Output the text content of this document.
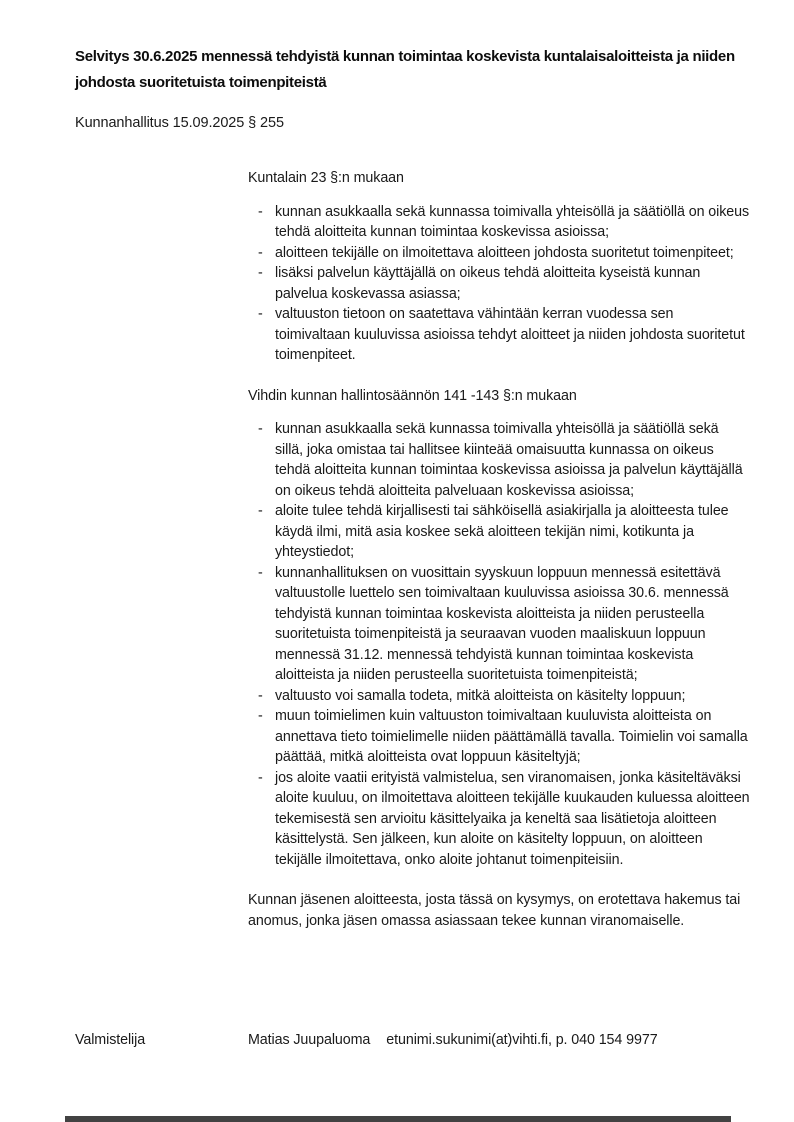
Selvitys 30.6.2025 mennessä tehdyistä kunnan toimintaa koskevista kuntalaisaloitteista ja niiden johdosta suoritetuista toimenpiteistä
Kunnanhallitus 15.09.2025 § 255
Kuntalain 23 §:n mukaan
- kunnan asukkaalla sekä kunnassa toimivalla yhteisöllä ja säätiöllä on oikeus tehdä aloitteita kunnan toimintaa koskevissa asioissa;
- aloitteen tekijälle on ilmoitettava aloitteen johdosta suoritetut toimenpiteet;
- lisäksi palvelun käyttäjällä on oikeus tehdä aloitteita kyseistä kunnan palvelua koskevassa asiassa;
- valtuuston tietoon on saatettava vähintään kerran vuodessa sen toimivaltaan kuuluvissa asioissa tehdyt aloitteet ja niiden johdosta suoritetut toimenpiteet.
Vihdin kunnan hallintosäännön 141 -143 §:n mukaan
- kunnan asukkaalla sekä kunnassa toimivalla yhteisöllä ja säätiöllä sekä sillä, joka omistaa tai hallitsee kiinteää omaisuutta kunnassa on oikeus tehdä aloitteita kunnan toimintaa koskevissa asioissa ja palvelun käyttäjällä on oikeus tehdä aloitteita palveluaan koskevissa asioissa;
- aloite tulee tehdä kirjallisesti tai sähköisellä asiakirjalla ja aloitteesta tulee käydä ilmi, mitä asia koskee sekä aloitteen tekijän nimi, kotikunta ja yhteystiedot;
- kunnanhallituksen on vuosittain syyskuun loppuun mennessä esitettävä valtuustolle luettelo sen toimivaltaan kuuluvissa asioissa 30.6. mennessä tehdyistä kunnan toimintaa koskevista aloitteista ja niiden perusteella suoritetuista toimenpiteistä ja seuraavan vuoden maaliskuun loppuun mennessä 31.12. mennessä tehdyistä kunnan toimintaa koskevista aloitteista ja niiden perusteella suoritetuista toimenpiteistä;
- valtuusto voi samalla todeta, mitkä aloitteista on käsitelty loppuun;
- muun toimielimen kuin valtuuston toimivaltaan kuuluvista aloitteista on annettava tieto toimielimelle niiden päättämällä tavalla. Toimielin voi samalla päättää, mitkä aloitteista ovat loppuun käsiteltyjä;
- jos aloite vaatii erityistä valmistelua, sen viranomaisen, jonka käsiteltäväksi aloite kuuluu, on ilmoitettava aloitteen tekijälle kuukauden kuluessa aloitteen tekemisestä sen arvioitu käsittelyaika ja keneltä saa lisätietoja aloitteen käsittelystä. Sen jälkeen, kun aloite on käsitelty loppuun, on aloitteen tekijälle ilmoitettava, onko aloite johtanut toimenpiteisiin.
Kunnan jäsenen aloitteesta, josta tässä on kysymys, on erotettava hakemus tai anomus, jonka jäsen omassa asiassaan tekee kunnan viranomaiselle.
Valmistelija	Matias Juupaluoma etunimi.sukunimi(at)vihti.fi, p. 040 154 9977
